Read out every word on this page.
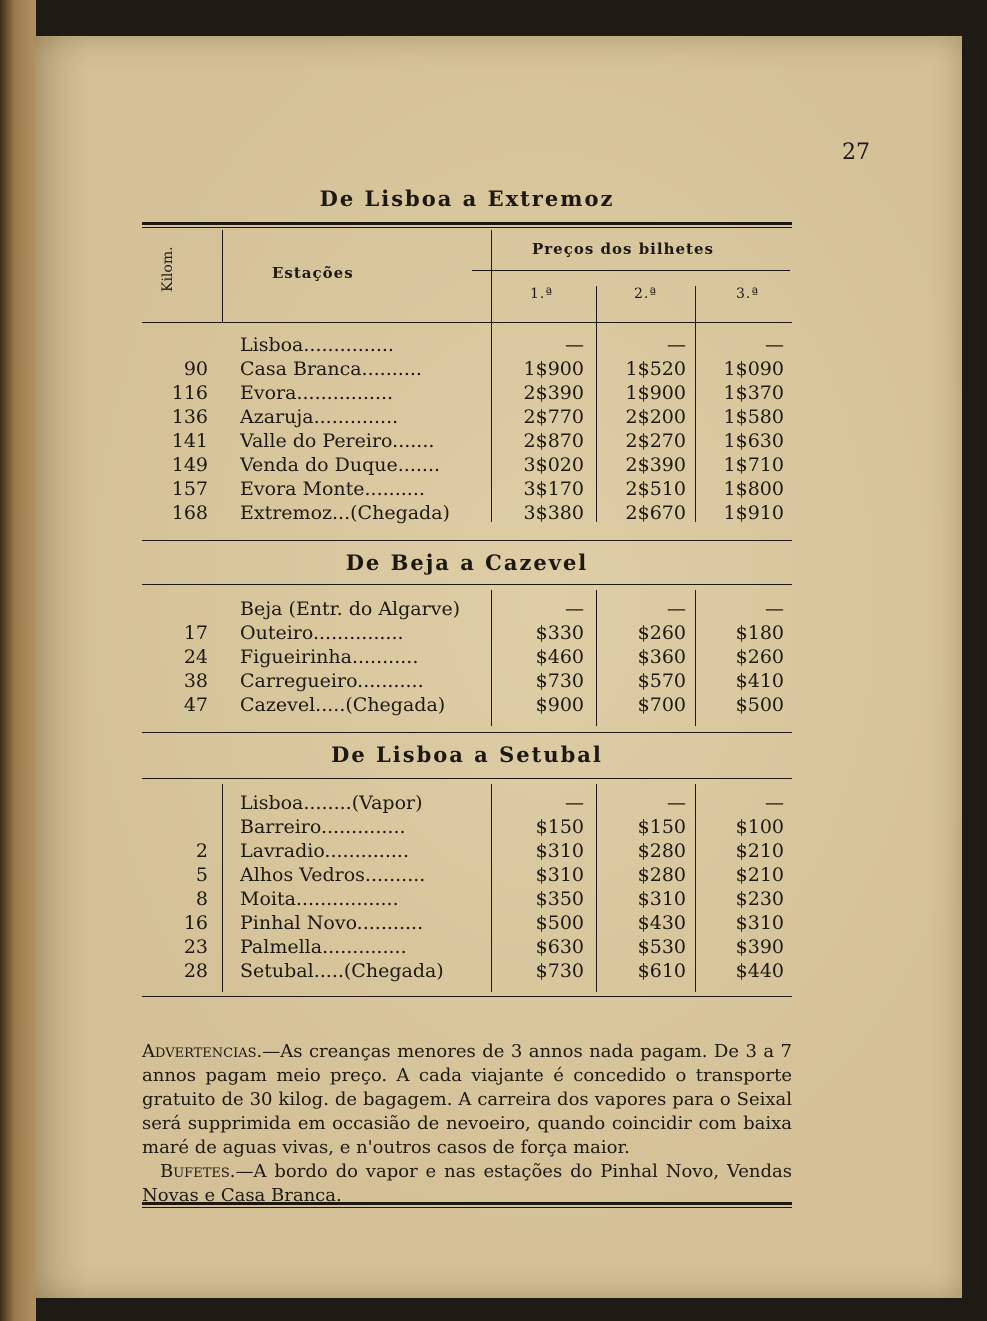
27
De Lisboa a Extremoz
Kilom.	Estações
Preços dos bilhetes
1.ª	2.ª	3.ª
Lisboa...............	—	—	—
90 Casa Branca..........	1$900	1$520	1$090
116 Evora................	2$390	1$900	1$370
136 Azaruja..............	2$770	2$200	1$580
141 Valle do Pereiro.......	2$870	2$270	1$630
149 Venda do Duque.......	3$020	2$390	1$710
157 Evora Monte..........	3$170	2$510	1$800
168 Extremoz...(Chegada)	3$380	2$670	1$910
De Beja a Cazevel
Beja (Entr. do Algarve)	—	—	—
17 Outeiro...............	$330	$260	$180
24 Figueirinha...........	$460	$360	$260
38 Carregueiro...........	$730	$570	$410
47 Cazevel.....(Chegada)	$900	$700	$500
De Lisboa a Setubal
Lisboa........(Vapor)	—	—	—
Barreiro..............	$150	$150	$100
2 Lavradio..............	$310	$280	$210
5 Alhos Vedros..........	$310	$280	$210
8 Moita.................	$350	$310	$230
16 Pinhal Novo...........	$500	$430	$310
23 Palmella..............	$630	$530	$390
28 Setubal.....(Chegada)	$730	$610	$440

Advertencias.—As creanças menores de 3 annos nada pagam. De 3 a 7 annos pagam meio preço. A cada viajante é concedido o transporte gratuito de 30 kilog. de bagagem. A carreira dos vapores para o Seixal será supprimida em occasião de nevoeiro, quando coincidir com baixa maré de aguas vivas, e n'outros casos de força maior.

Bufetes.—A bordo do vapor e nas estações do Pinhal Novo, Vendas Novas e Casa Branca.
